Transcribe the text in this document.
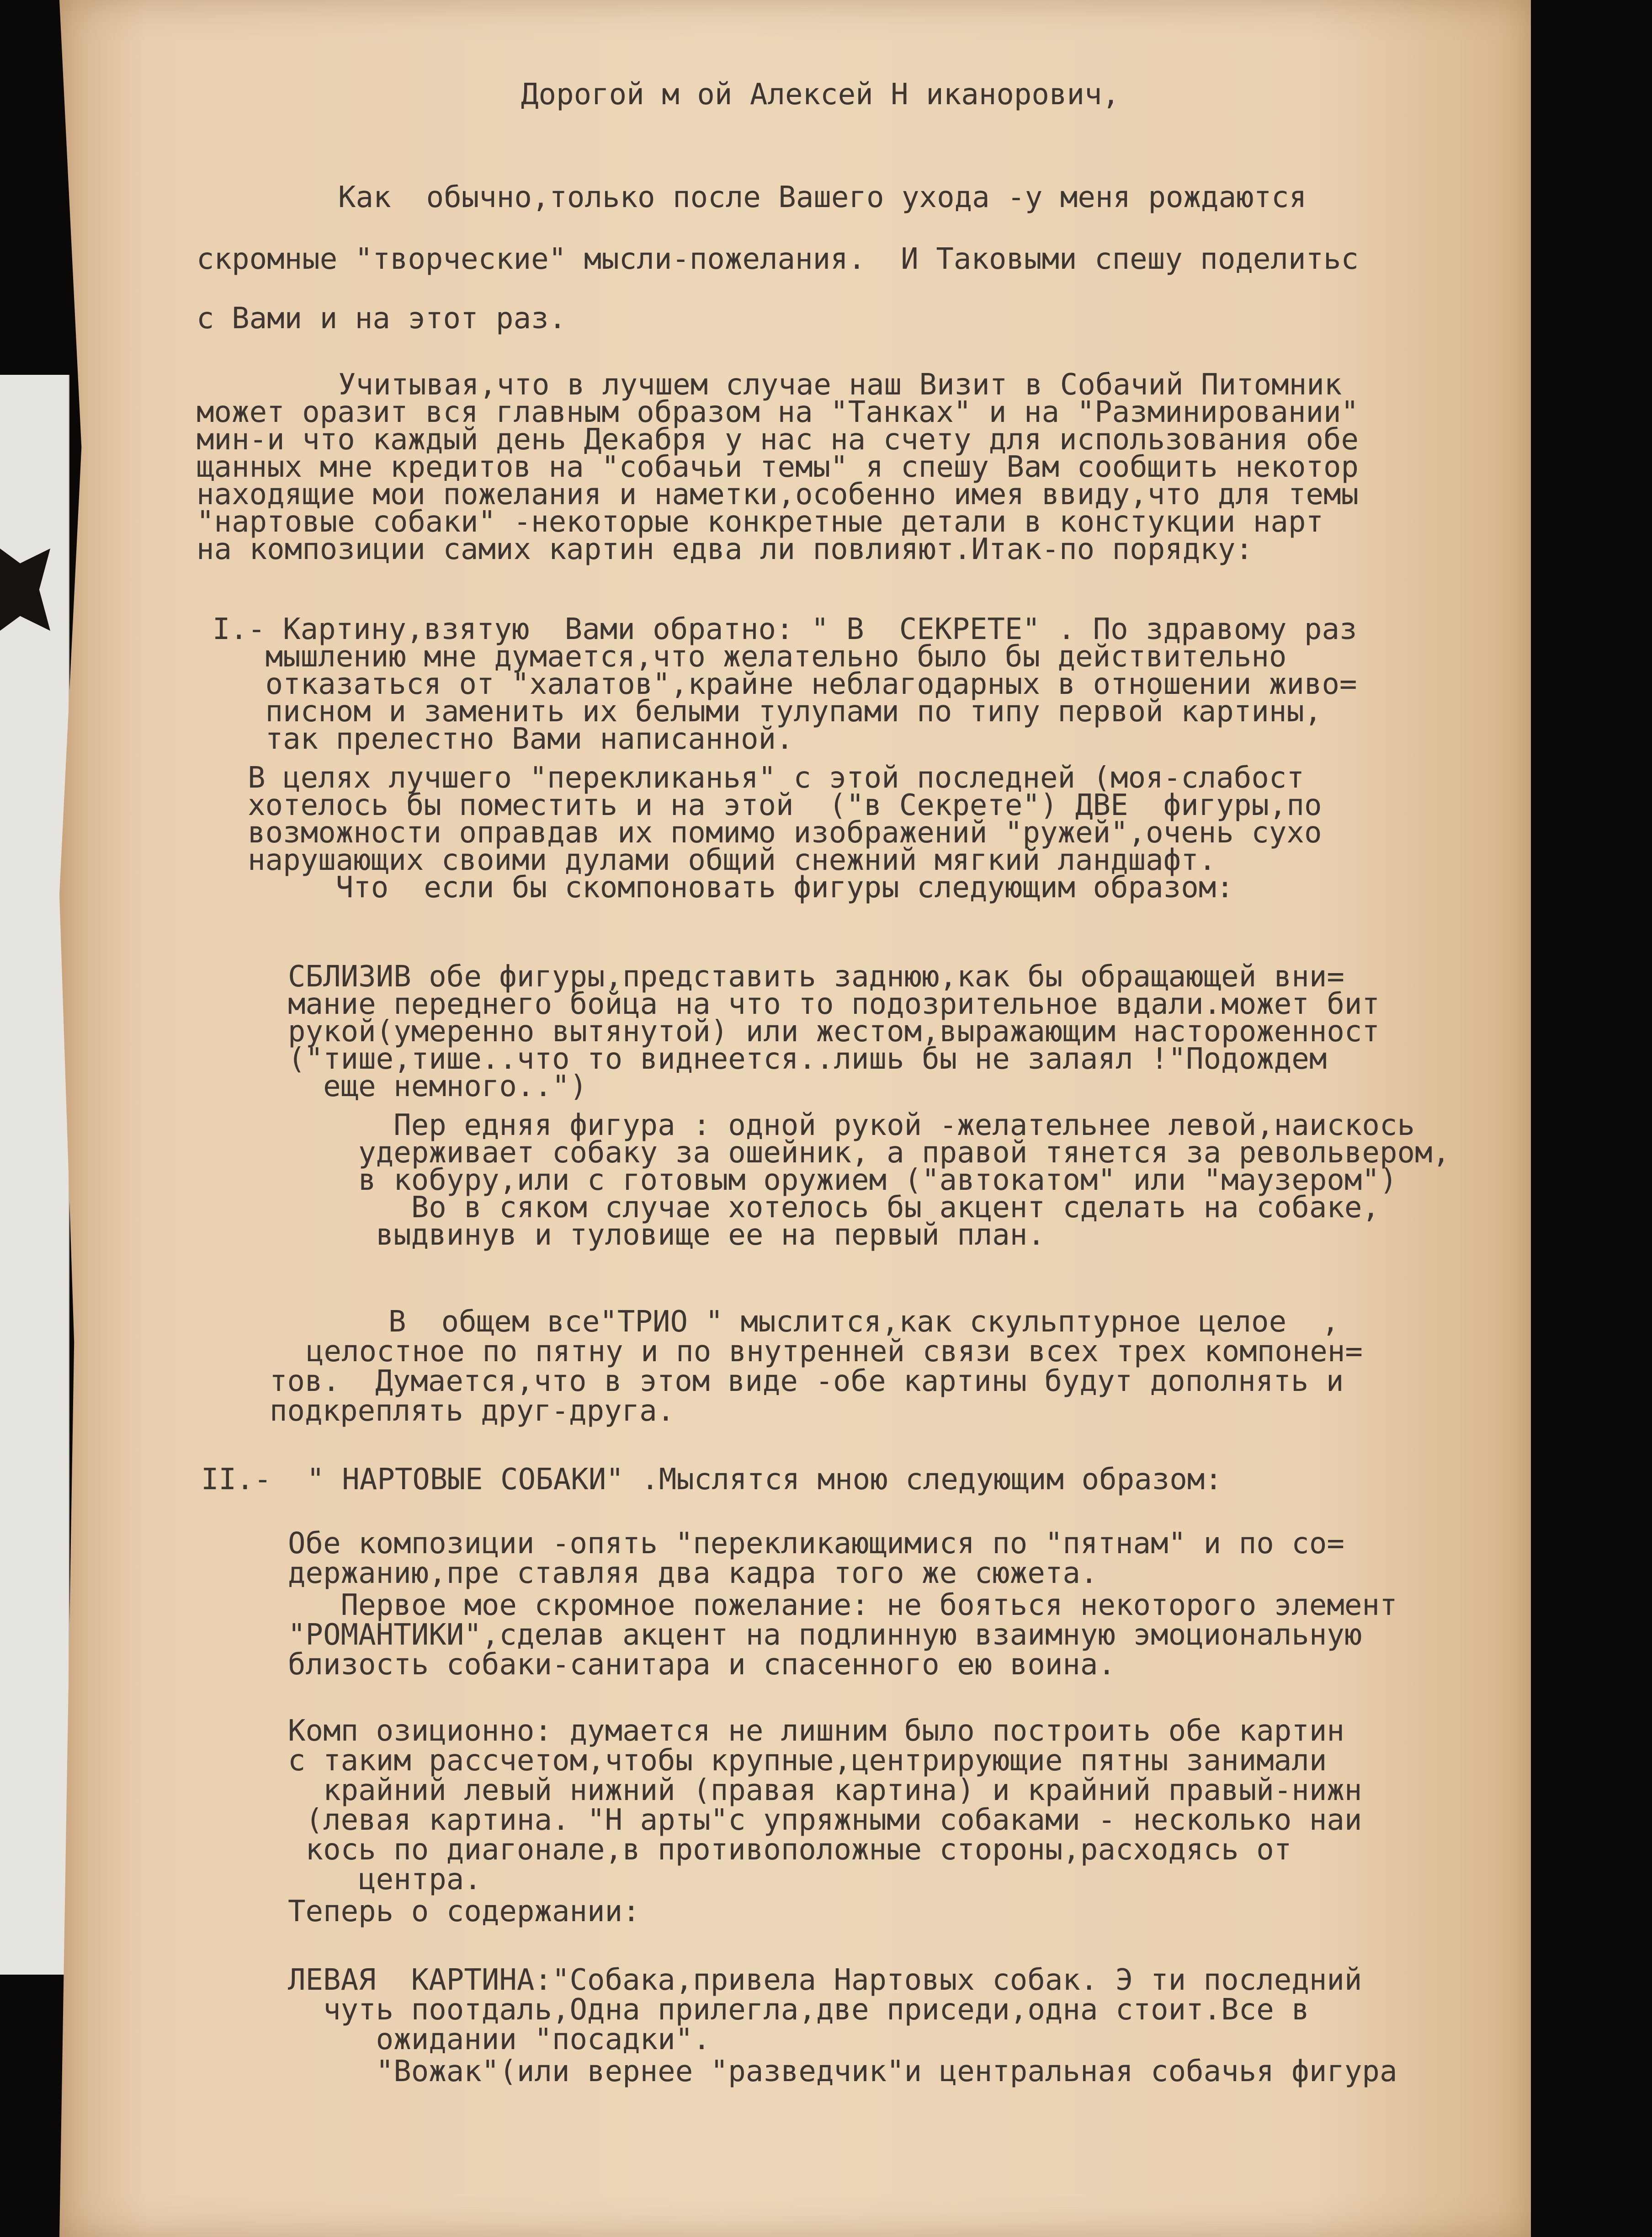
Дорогой м ой Алексей Н иканорович,

Как  обычно,только после Вашего ухода -у меня рождаются

скромные "творческие" мысли-пожелания.  И Таковыми спешу поделитьс

с Вами и на этот раз.

Учитывая,что в лучшем случае наш Визит в Собачий Питомник

может оразит вся главным образом на "Танках" и на "Разминировании"

мин-и что каждый день Декабря у нас на счету для использования обе

щанных мне кредитов на "собачьи темы" я спешу Вам сообщить некотор

находящие мои пожелания и наметки,особенно имея ввиду,что для темы

"нартовые собаки" -некоторые конкретные детали в констукции нарт

на композиции самих картин едва ли повлияют.Итак-по порядку:

I.- Картину,взятую  Вами обратно: " В  СЕКРЕТЕ" . По здравому раз

мышлению мне думается,что желательно было бы действительно

отказаться от "халатов",крайне неблагодарных в отношении живо=

писном и заменить их белыми тулупами по типу первой картины,

так прелестно Вами написанной.

В целях лучшего "перекликанья" с этой последней (моя-слабост

хотелось бы поместить и на этой  ("в Секрете") ДВЕ  фигуры,по

возможности оправдав их помимо изображений "ружей",очень сухо

нарушающих своими дулами общий снежний мягкий ландшафт.

Что  если бы скомпоновать фигуры следующим образом:

СБЛИЗИВ обе фигуры,представить заднюю,как бы обращающей вни=

мание переднего бойца на что то подозрительное вдали.может бит

рукой(умеренно вытянутой) или жестом,выражающим настороженност

("тише,тише..что то виднеется..лишь бы не залаял !"Подождем

еще немного..")

Пер едняя фигура : одной рукой -желательнее левой,наискось

удерживает собаку за ошейник, а правой тянется за револьвером,

в кобуру,или с готовым оружием ("автокатом" или "маузером")

Во в сяком случае хотелось бы акцент сделать на собаке,

выдвинув и туловище ее на первый план.

В  общем все"ТРИО " мыслится,как скульптурное целое  ,

целостное по пятну и по внутренней связи всех трех компонен=

тов.  Думается,что в этом виде -обе картины будут дополнять и

подкреплять друг-друга.

II.-  " НАРТОВЫЕ СОБАКИ" .Мыслятся мною следующим образом:

Обе композиции -опять "перекликающимися по "пятнам" и по со=

держанию,пре ставляя два кадра того же сюжета.

Первое мое скромное пожелание: не бояться некоторого элемент

"РОМАНТИКИ",сделав акцент на подлинную взаимную эмоциональную

близость собаки-санитара и спасенного ею воина.

Комп озиционно: думается не лишним было построить обе картин

с таким рассчетом,чтобы крупные,центрирующие пятны занимали

крайний левый нижний (правая картина) и крайний правый-нижн

(левая картина. "Н арты"с упряжными собаками - несколько наи

кось по диагонале,в противоположные стороны,расходясь от

центра.

Теперь о содержании:

ЛЕВАЯ  КАРТИНА:"Собака,привела Нартовых собак. Э ти последний

чуть поотдаль,Одна прилегла,две приседи,одна стоит.Все в

ожидании "посадки".

"Вожак"(или вернее "разведчик"и центральная собачья фигура
